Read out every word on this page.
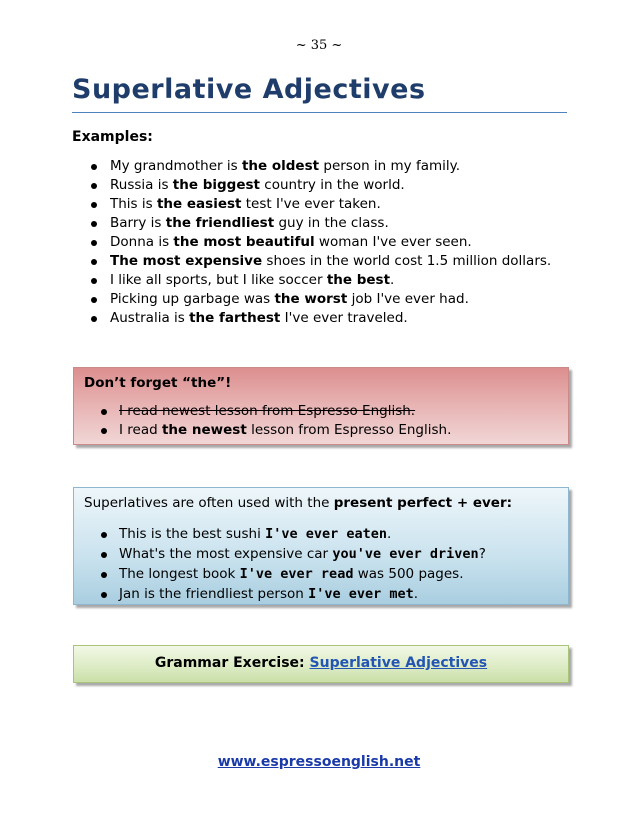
~ 35 ~
Superlative Adjectives
Examples:
My grandmother is the oldest person in my family.
Russia is the biggest country in the world.
This is the easiest test I've ever taken.
Barry is the friendliest guy in the class.
Donna is the most beautiful woman I've ever seen.
The most expensive shoes in the world cost 1.5 million dollars.
I like all sports, but I like soccer the best.
Picking up garbage was the worst job I've ever had.
Australia is the farthest I've ever traveled.
Don’t forget “the”!
I read newest lesson from Espresso English.
I read the newest lesson from Espresso English.
Superlatives are often used with the present perfect + ever:
This is the best sushi I've ever eaten.
What's the most expensive car you've ever driven?
The longest book I've ever read was 500 pages.
Jan is the friendliest person I've ever met.
Grammar Exercise: Superlative Adjectives
www.espressoenglish.net
